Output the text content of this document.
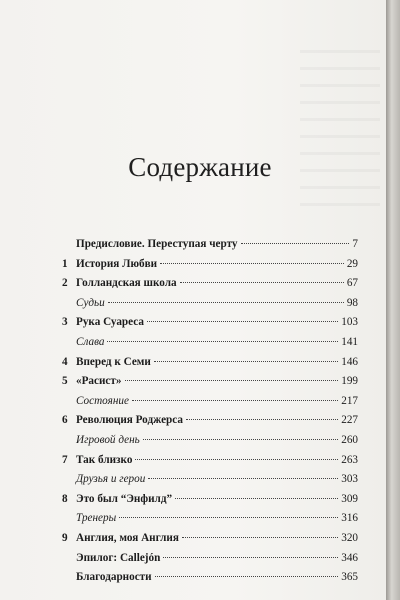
Содержание
Предисловие. Переступая черту	7
1 История Любви	29
2 Голландская школа	67
Судьи	98
3 Рука Суареса	103
Слава	141
4 Вперед к Семи	146
5 «Расист»	199
Состояние	217
6 Революция Роджерса	227
Игровой день	260
7 Так близко	263
Друзья и герои	303
8 Это был “Энфилд”	309
Тренеры	316
9 Англия, моя Англия	320
Эпилог: Callejón	346
Благодарности	365
